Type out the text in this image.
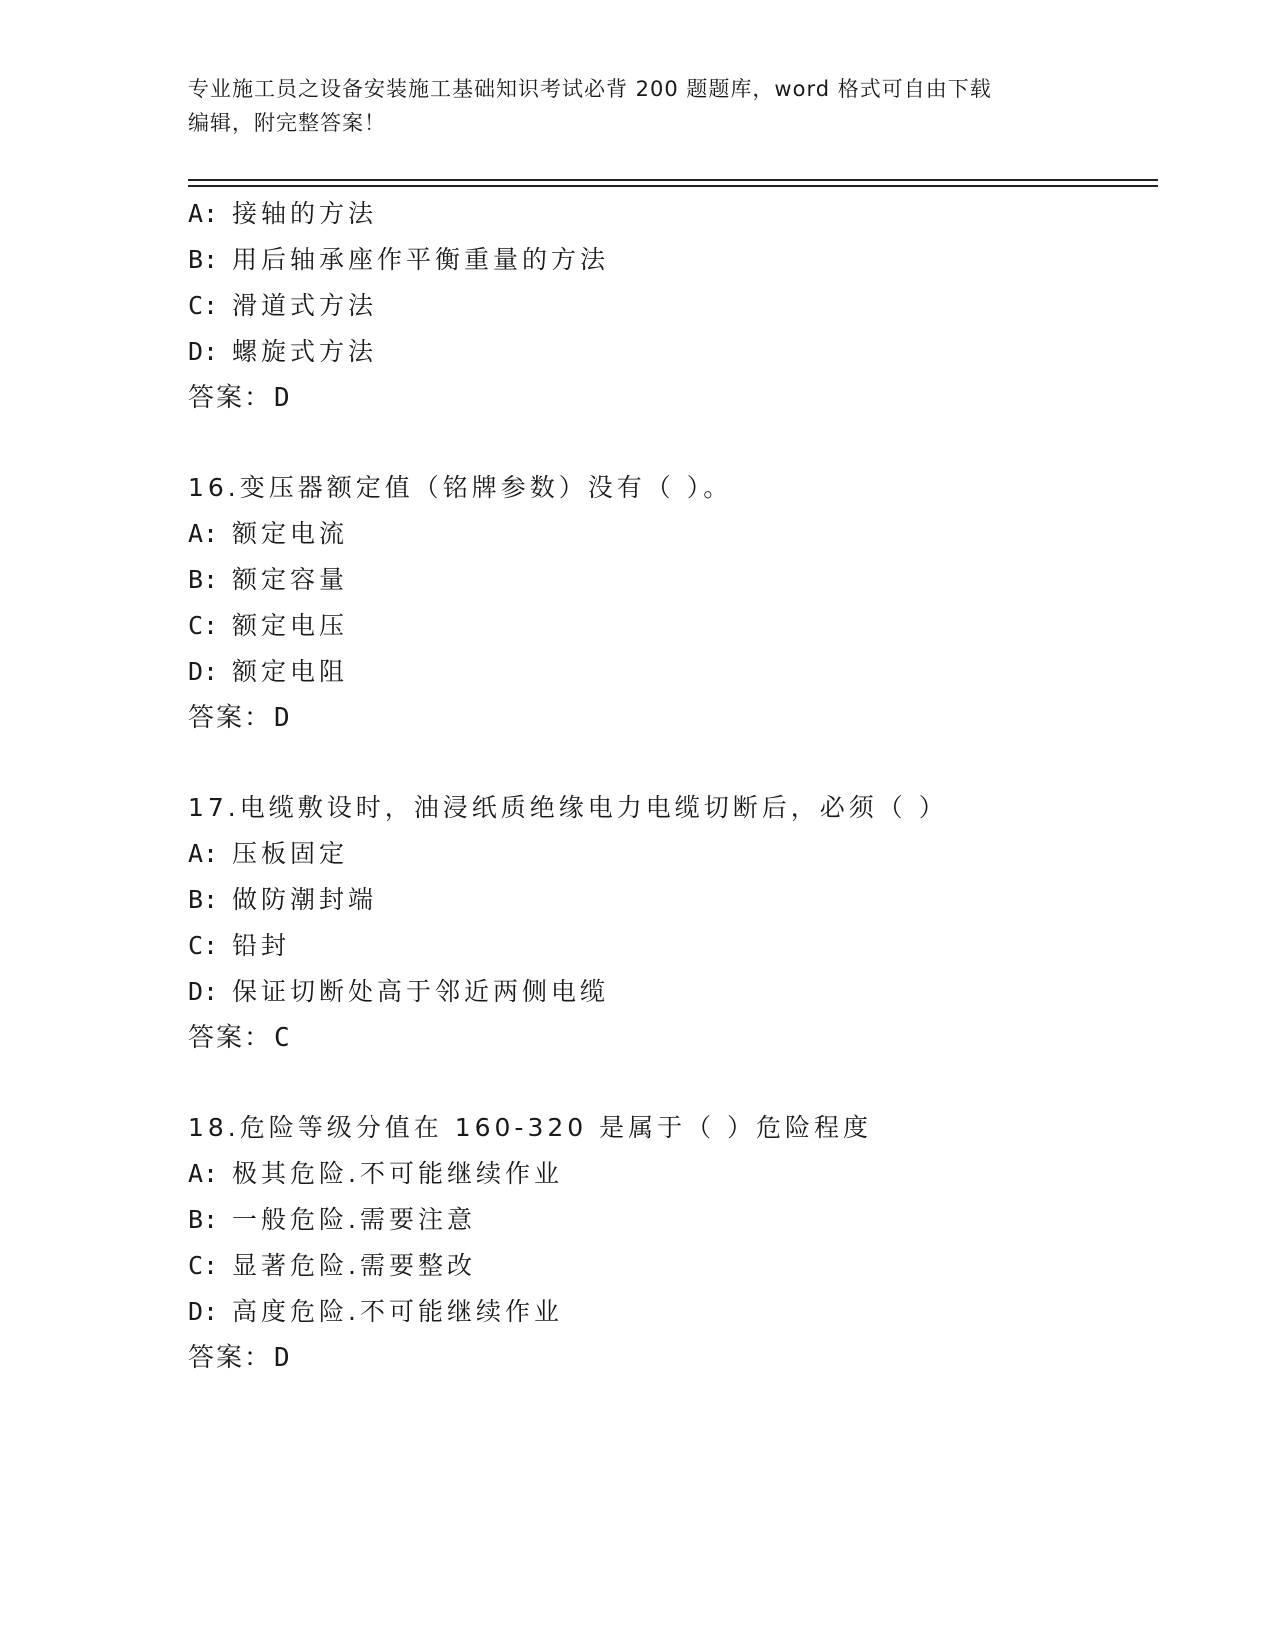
专业施工员之设备安装施工基础知识考试必背 200 题题库，word 格式可自由下载
编辑，附完整答案！
A: 接轴的方法
B: 用后轴承座作平衡重量的方法
C: 滑道式方法
D: 螺旋式方法
答案：D
16.变压器额定值（铭牌参数）没有（ ）。
A: 额定电流
B: 额定容量
C: 额定电压
D: 额定电阻
答案：D
17.电缆敷设时，油浸纸质绝缘电力电缆切断后，必须（ ）
A: 压板固定
B: 做防潮封端
C: 铅封
D: 保证切断处高于邻近两侧电缆
答案：C
18.危险等级分值在 160-320 是属于（ ）危险程度
A: 极其危险.不可能继续作业
B: 一般危险.需要注意
C: 显著危险.需要整改
D: 高度危险.不可能继续作业
答案：D
